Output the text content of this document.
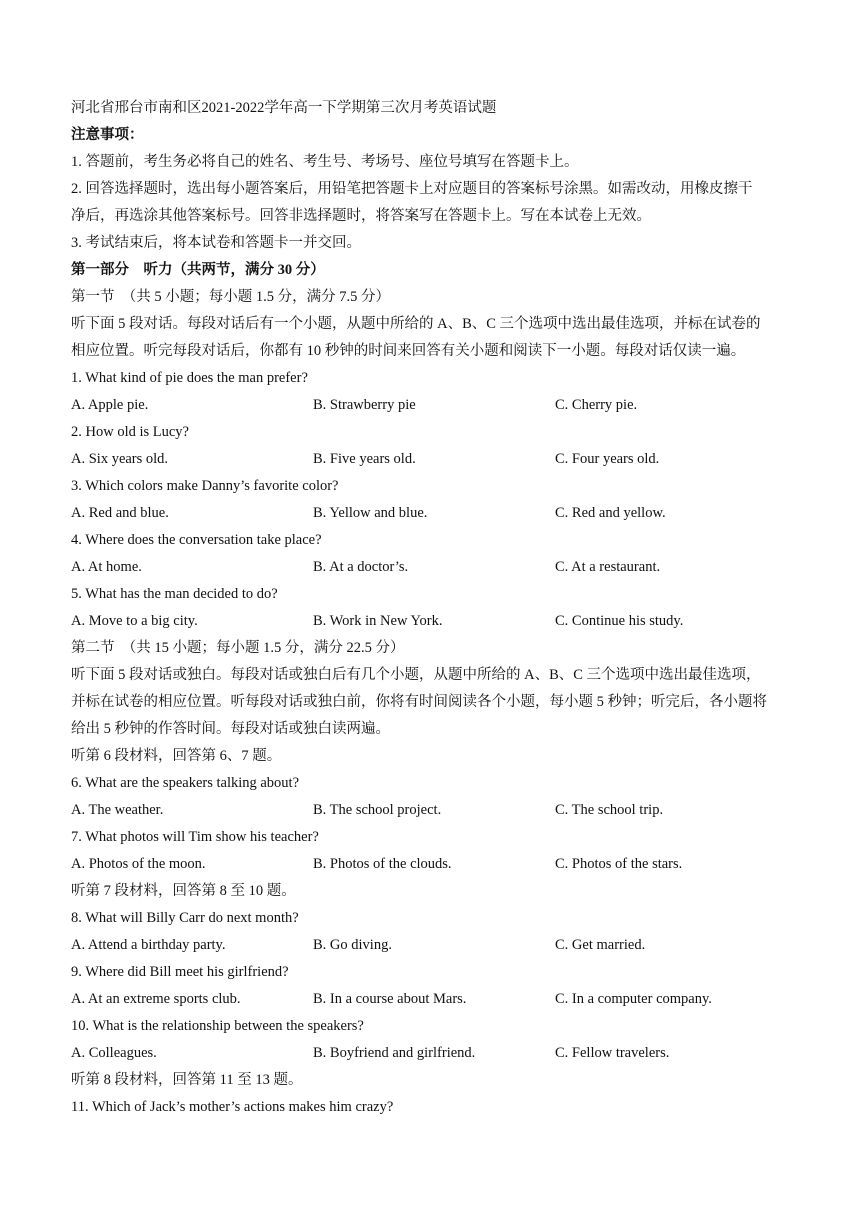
河北省邢台市南和区2021-2022学年高一下学期第三次月考英语试题
注意事项：
1. 答题前，考生务必将自己的姓名、考生号、考场号、座位号填写在答题卡上。
2. 回答选择题时，选出每小题答案后，用铅笔把答题卡上对应题目的答案标号涂黑。如需改动，用橡皮擦干
净后，再选涂其他答案标号。回答非选择题时，将答案写在答题卡上。写在本试卷上无效。
3. 考试结束后，将本试卷和答题卡一并交回。
第一部分　听力（共两节，满分 30 分）
第一节　（共 5 小题；每小题 1.5 分，满分 7.5 分）
听下面 5 段对话。每段对话后有一个小题，从题中所给的 A、B、C 三个选项中选出最佳选项，并标在试卷的
相应位置。听完每段对话后，你都有 10 秒钟的时间来回答有关小题和阅读下一小题。每段对话仅读一遍。
1. What kind of pie does the man prefer?
A. Apple pie.	B. Strawberry pie	C. Cherry pie.
2. How old is Lucy?
A. Six years old.	B. Five years old.	C. Four years old.
3. Which colors make Danny’s favorite color?
A. Red and blue.	B. Yellow and blue.	C. Red and yellow.
4. Where does the conversation take place?
A. At home.	B. At a doctor’s.	C. At a restaurant.
5. What has the man decided to do?
A. Move to a big city.	B. Work in New York.	C. Continue his study.
第二节　（共 15 小题；每小题 1.5 分，满分 22.5 分）
听下面 5 段对话或独白。每段对话或独白后有几个小题，从题中所给的 A、B、C 三个选项中选出最佳选项，
并标在试卷的相应位置。听每段对话或独白前，你将有时间阅读各个小题，每小题 5 秒钟；听完后，各小题将
给出 5 秒钟的作答时间。每段对话或独白读两遍。
听第 6 段材料，回答第 6、7 题。
6. What are the speakers talking about?
A. The weather.	B. The school project.	C. The school trip.
7. What photos will Tim show his teacher?
A. Photos of the moon.	B. Photos of the clouds.	C. Photos of the stars.
听第 7 段材料，回答第 8 至 10 题。
8. What will Billy Carr do next month?
A. Attend a birthday party.	B. Go diving.	C. Get married.
9. Where did Bill meet his girlfriend?
A. At an extreme sports club.	B. In a course about Mars.	C. In a computer company.
10. What is the relationship between the speakers?
A. Colleagues.	B. Boyfriend and girlfriend.	C. Fellow travelers.
听第 8 段材料，回答第 11 至 13 题。
11. Which of Jack’s mother’s actions makes him crazy?
